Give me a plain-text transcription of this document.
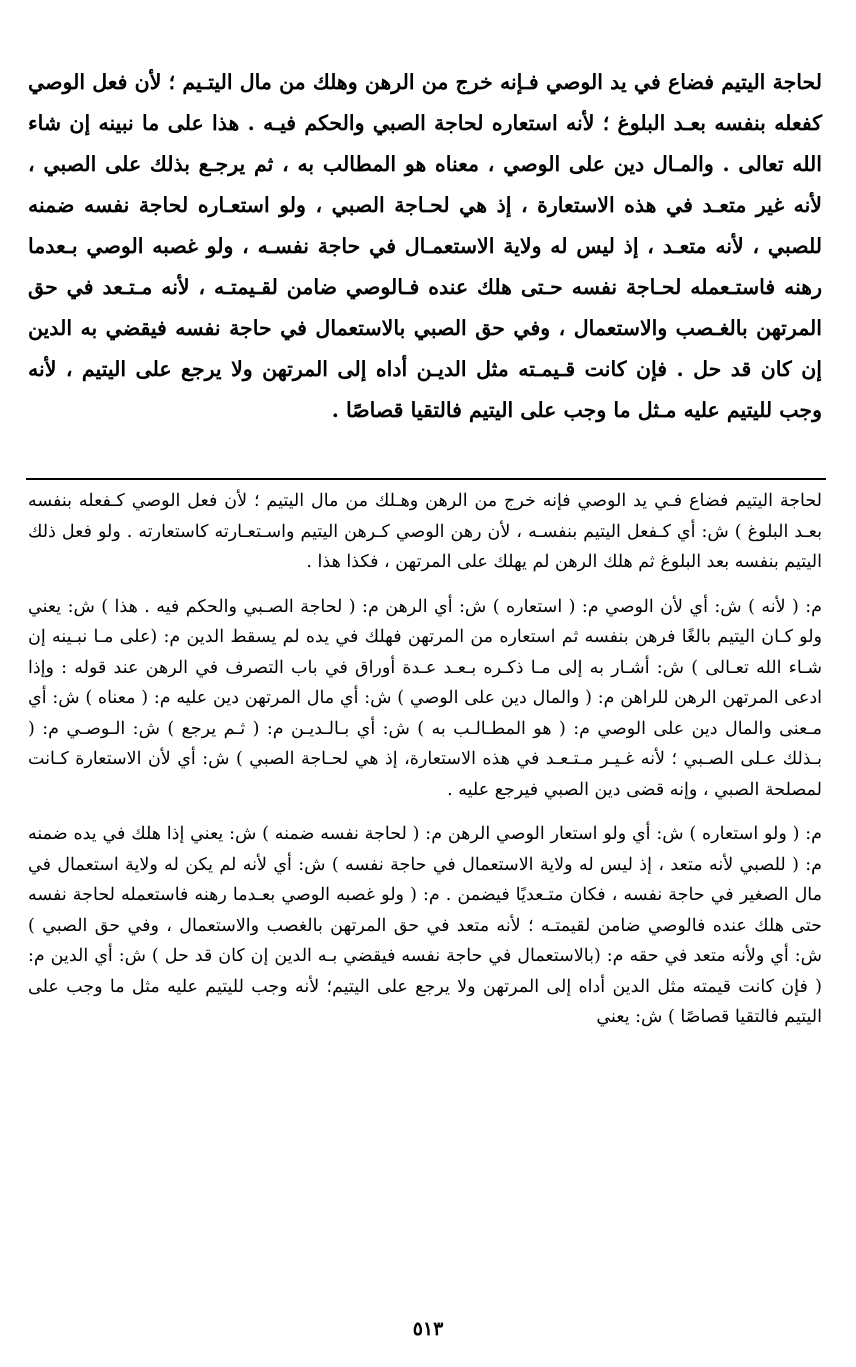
لحاجة اليتيم فضاع في يد الوصي فـإنه خرج من الرهن وهلك من مال اليتـيم ؛ لأن فعل الوصي كفعله بنفسه بعـد البلوغ ؛ لأنه استعاره لحاجة الصبي والحكم فيـه . هذا على ما نبينه إن شاء الله تعالى . والمـال دين على الوصي ، معناه هو المطالب به ، ثم يرجـع بذلك على الصبي ، لأنه غير متعـد في هذه الاستعارة ، إذ هي لحـاجة الصبي ، ولو استعـاره لحاجة نفسه ضمنه للصبي ، لأنه متعـد ، إذ ليس له ولاية الاستعمـال في حاجة نفسـه ، ولو غصبه الوصي بـعدما رهنه فاستـعمله لحـاجة نفسه حـتى هلك عنده فـالوصي ضامن لقـيمتـه ، لأنه مـتـعد في حق المرتهن بالغـصب والاستعمال ، وفي حق الصبي بالاستعمال في حاجة نفسه فيقضي به الدين إن كان قد حل . فإن كانت قـيمـته مثل الديـن أداه إلى المرتهن ولا يرجع على اليتيم ، لأنه وجب لليتيم عليه مـثل ما وجب على اليتيم فالتقيا قصاصًا .

لحاجة اليتيم فضاع فـي يد الوصي فإنه خرج من الرهن وهـلك من مال اليتيم ؛ لأن فعل الوصي كـفعله بنفسه بعـد البلوغ ) ش: أي كـفعل اليتيم بنفسـه ، لأن رهن الوصي كـرهن اليتيم واسـتعـارته كاستعارته . ولو فعل ذلك اليتيم بنفسه بعد البلوغ ثم هلك الرهن لم يهلك على المرتهن ، فكذا هذا .

م: ( لأنه ) ش: أي لأن الوصي م: ( استعاره ) ش: أي الرهن م: ( لحاجة الصـبي والحكم فيه . هذا ) ش: يعني ولو كـان اليتيم بالغًا فرهن بنفسه ثم استعاره من المرتهن فهلك في يده لم يسقط الدين م: (على مـا نبـينه إن شـاء الله تعـالى ) ش: أشـار به إلى مـا ذكـره بـعـد عـدة أوراق في باب التصرف في الرهن عند قوله : وإذا ادعى المرتهن الرهن للراهن م: ( والمال دين على الوصي ) ش: أي مال المرتهن دين عليه م: ( معناه ) ش: أي مـعنى والمال دين على الوصي م: ( هو المطـالـب به ) ش: أي بـالـديـن م: ( ثـم يرجع ) ش: الـوصـي م: ( بـذلك عـلى الصـبي ؛ لأنه غـيـر مـتـعـد في هذه الاستعارة، إذ هي لحـاجة الصبي ) ش: أي لأن الاستعارة كـانت لمصلحة الصبي ، وإنه قضى دين الصبي فيرجع عليه .

م: ( ولو استعاره ) ش: أي ولو استعار الوصي الرهن م: ( لحاجة نفسه ضمنه ) ش: يعني إذا هلك في يده ضمنه م: ( للصبي لأنه متعد ، إذ ليس له ولاية الاستعمال في حاجة نفسه ) ش: أي لأنه لم يكن له ولاية استعمال في مال الصغير في حاجة نفسه ، فكان متـعديًا فيضمن . م: ( ولو غصبه الوصي بعـدما رهنه فاستعمله لحاجة نفسه حتى هلك عنده فالوصي ضامن لقيمتـه ؛ لأنه متعد في حق المرتهن بالغصب والاستعمال ، وفي حق الصبي ) ش: أي ولأنه متعد في حقه م: (بالاستعمال في حاجة نفسه فيقضي بـه الدين إن كان قد حل ) ش: أي الدين م: ( فإن كانت قيمته مثل الدين أداه إلى المرتهن ولا يرجع على اليتيم؛ لأنه وجب لليتيم عليه مثل ما وجب على اليتيم فالتقيا قصاصًا ) ش: يعني

٥١٣
